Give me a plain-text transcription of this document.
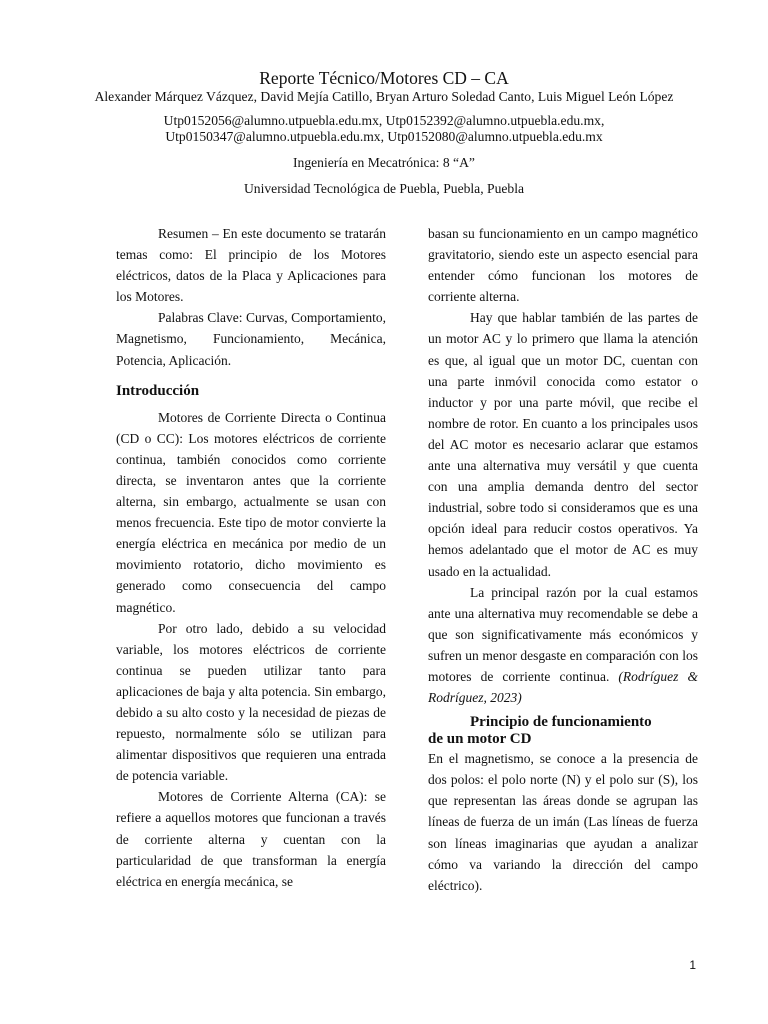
Reporte Técnico/Motores CD – CA

Alexander Márquez Vázquez, David Mejía Catillo, Bryan Arturo Soledad Canto, Luis Miguel León López

Utp0152056@alumno.utpuebla.edu.mx, Utp0152392@alumno.utpuebla.edu.mx,
Utp0150347@alumno.utpuebla.edu.mx, Utp0152080@alumno.utpuebla.edu.mx

Ingeniería en Mecatrónica: 8 “A”

Universidad Tecnológica de Puebla, Puebla, Puebla

Resumen – En este documento se tratarán temas como: El principio de los Motores eléctricos, datos de la Placa y Aplicaciones para los Motores.

Palabras Clave: Curvas, Comportamiento, Magnetismo, Funcionamiento, Mecánica, Potencia, Aplicación.

Introducción

Motores de Corriente Directa o Continua (CD o CC): Los motores eléctricos de corriente continua, también conocidos como corriente directa, se inventaron antes que la corriente alterna, sin embargo, actualmente se usan con menos frecuencia. Este tipo de motor convierte la energía eléctrica en mecánica por medio de un movimiento rotatorio, dicho movimiento es generado como consecuencia del campo magnético.

Por otro lado, debido a su velocidad variable, los motores eléctricos de corriente continua se pueden utilizar tanto para aplicaciones de baja y alta potencia. Sin embargo, debido a su alto costo y la necesidad de piezas de repuesto, normalmente sólo se utilizan para alimentar dispositivos que requieren una entrada de potencia variable.

Motores de Corriente Alterna (CA): se refiere a aquellos motores que funcionan a través de corriente alterna y cuentan con la particularidad de que transforman la energía eléctrica en energía mecánica, se

basan su funcionamiento en un campo magnético gravitatorio, siendo este un aspecto esencial para entender cómo funcionan los motores de corriente alterna.

Hay que hablar también de las partes de un motor AC y lo primero que llama la atención es que, al igual que un motor DC, cuentan con una parte inmóvil conocida como estator o inductor y por una parte móvil, que recibe el nombre de rotor. En cuanto a los principales usos del AC motor es necesario aclarar que estamos ante una alternativa muy versátil y que cuenta con una amplia demanda dentro del sector industrial, sobre todo si consideramos que es una opción ideal para reducir costos operativos. Ya hemos adelantado que el motor de AC es muy usado en la actualidad.

La principal razón por la cual estamos ante una alternativa muy recomendable se debe a que son significativamente más económicos y sufren un menor desgaste en comparación con los motores de corriente continua. (Rodríguez & Rodríguez, 2023)

Principio de funcionamiento
de un motor CD

En el magnetismo, se conoce a la presencia de dos polos: el polo norte (N) y el polo sur (S), los que representan las áreas donde se agrupan las líneas de fuerza de un imán (Las líneas de fuerza son líneas imaginarias que ayudan a analizar cómo va variando la dirección del campo eléctrico).

1
